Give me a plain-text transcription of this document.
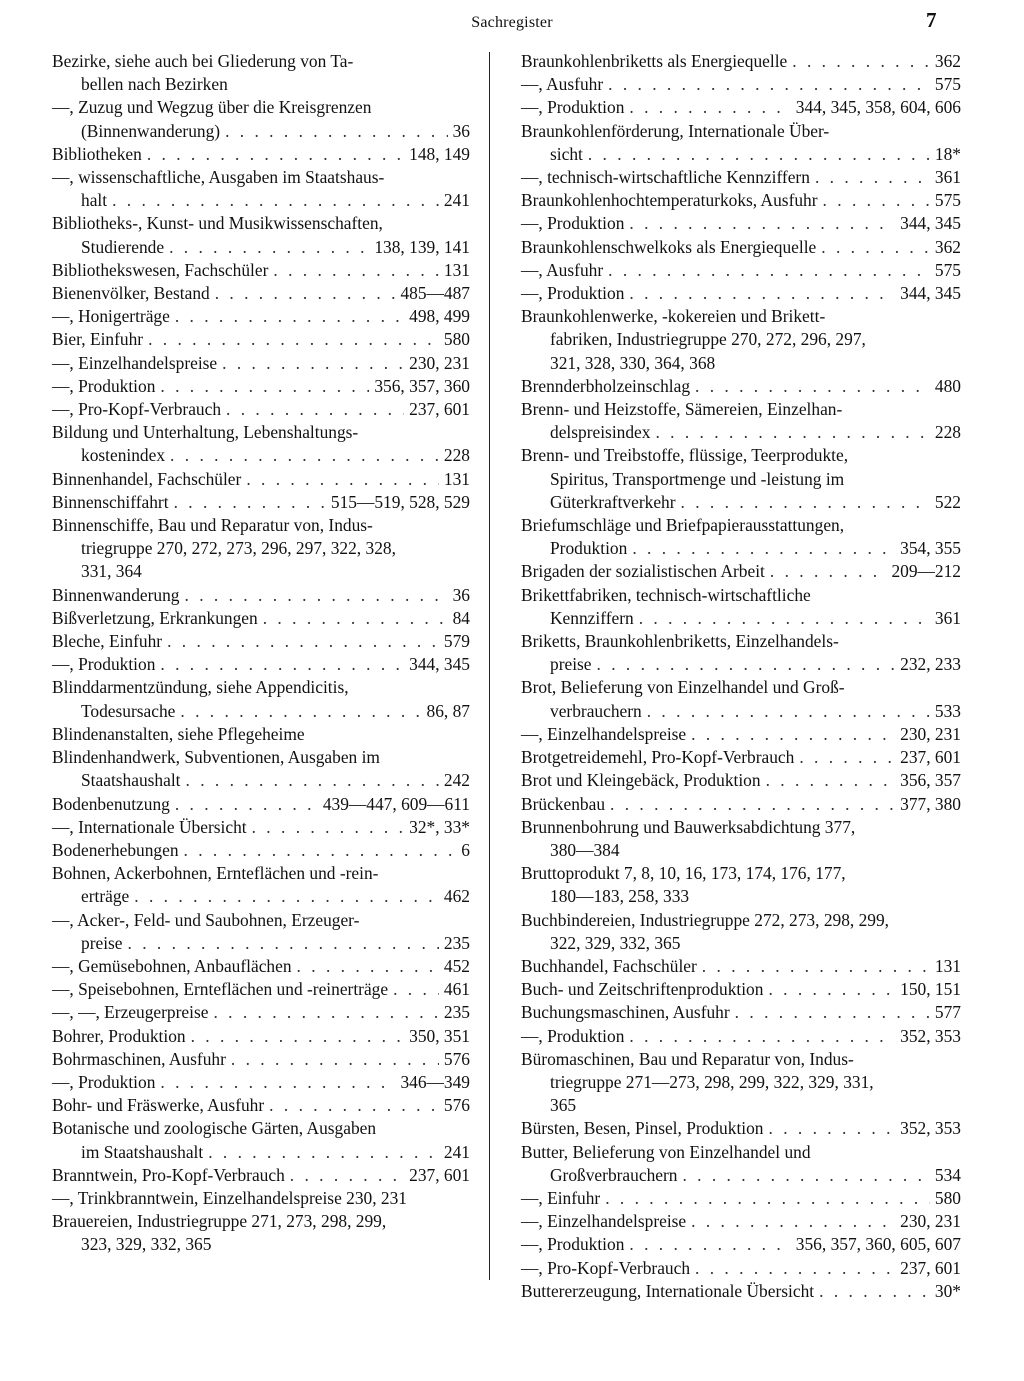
Sachregister	7
Bezirke, siehe auch bei Gliederung von Ta-
bellen nach Bezirken
—, Zuzug und Wegzug über die Kreisgrenzen
(Binnenwanderung) . . .	36
Bibliotheken . . .	148, 149
—, wissenschaftliche, Ausgaben im Staatshaus-
halt . . .	241
Bibliotheks-, Kunst- und Musikwissenschaften,
Studierende . . .	138, 139, 141
Bibliothekswesen, Fachschüler . . .	131
Bienenvölker, Bestand . . .	485—487
—, Honigerträge . . .	498, 499
Bier, Einfuhr . . .	580
—, Einzelhandelspreise . . .	230, 231
—, Produktion . . .	356, 357, 360
—, Pro-Kopf-Verbrauch . . .	237, 601
Bildung und Unterhaltung, Lebenshaltungs-
kostenindex . . .	228
Binnenhandel, Fachschüler . . .	131
Binnenschiffahrt . . .	515—519, 528, 529
Binnenschiffe, Bau und Reparatur von, Indus-
triegruppe 270, 272, 273, 296, 297, 322, 328,
331, 364
Binnenwanderung . . .	36
Bißverletzung, Erkrankungen . . .	84
Bleche, Einfuhr . . .	579
—, Produktion . . .	344, 345
Blinddarmentzündung, siehe Appendicitis,
Todesursache . . .	86, 87
Blindenanstalten, siehe Pflegeheime
Blindenhandwerk, Subventionen, Ausgaben im
Staatshaushalt . . .	242
Bodenbenutzung . . .	439—447, 609—611
—, Internationale Übersicht . . .	32*, 33*
Bodenerhebungen . . .	6
Bohnen, Ackerbohnen, Ernteflächen und -rein-
erträge . . .	462
—, Acker-, Feld- und Saubohnen, Erzeuger-
preise . . .	235
—, Gemüsebohnen, Anbauflächen . . .	452
—, Speisebohnen, Ernteflächen und -reinerträge . . .	461
—, —, Erzeugerpreise . . .	235
Bohrer, Produktion . . .	350, 351
Bohrmaschinen, Ausfuhr . . .	576
—, Produktion . . .	346—349
Bohr- und Fräswerke, Ausfuhr . . .	576
Botanische und zoologische Gärten, Ausgaben
im Staatshaushalt . . .	241
Branntwein, Pro-Kopf-Verbrauch . . .	237, 601
—, Trinkbranntwein, Einzelhandelspreise 230, 231
Brauereien, Industriegruppe 271, 273, 298, 299,
323, 329, 332, 365
Braunkohlenbriketts als Energiequelle . . .	362
—, Ausfuhr . . .	575
—, Produktion . . .	344, 345, 358, 604, 606
Braunkohlenförderung, Internationale Über-
sicht . . .	18*
—, technisch-wirtschaftliche Kennziffern . . .	361
Braunkohlenhochtemperaturkoks, Ausfuhr . . .	575
—, Produktion . . .	344, 345
Braunkohlenschwelkoks als Energiequelle . . .	362
—, Ausfuhr . . .	575
—, Produktion . . .	344, 345
Braunkohlenwerke, -kokereien und Brikett-
fabriken, Industriegruppe 270, 272, 296, 297,
321, 328, 330, 364, 368
Brennderbholzeinschlag . . .	480
Brenn- und Heizstoffe, Sämereien, Einzelhan-
delspreisindex . . .	228
Brenn- und Treibstoffe, flüssige, Teerprodukte,
Spiritus, Transportmenge und -leistung im
Güterkraftverkehr . . .	522
Briefumschläge und Briefpapierausstattungen,
Produktion . . .	354, 355
Brigaden der sozialistischen Arbeit . . .	209—212
Brikettfabriken, technisch-wirtschaftliche
Kennziffern . . .	361
Briketts, Braunkohlenbriketts, Einzelhandels-
preise . . .	232, 233
Brot, Belieferung von Einzelhandel und Groß-
verbrauchern . . .	533
—, Einzelhandelspreise . . .	230, 231
Brotgetreidemehl, Pro-Kopf-Verbrauch . . .	237, 601
Brot und Kleingebäck, Produktion . . .	356, 357
Brückenbau . . .	377, 380
Brunnenbohrung und Bauwerksabdichtung 377,
380—384
Bruttoprodukt 7, 8, 10, 16, 173, 174, 176, 177,
180—183, 258, 333
Buchbindereien, Industriegruppe 272, 273, 298, 299,
322, 329, 332, 365
Buchhandel, Fachschüler . . .	131
Buch- und Zeitschriftenproduktion . . .	150, 151
Buchungsmaschinen, Ausfuhr . . .	577
—, Produktion . . .	352, 353
Büromaschinen, Bau und Reparatur von, Indus-
triegruppe 271—273, 298, 299, 322, 329, 331,
365
Bürsten, Besen, Pinsel, Produktion . . .	352, 353
Butter, Belieferung von Einzelhandel und
Großverbrauchern . . .	534
—, Einfuhr . . .	580
—, Einzelhandelspreise . . .	230, 231
—, Produktion . . .	356, 357, 360, 605, 607
—, Pro-Kopf-Verbrauch . . .	237, 601
Buttererzeugung, Internationale Übersicht . . .	30*
